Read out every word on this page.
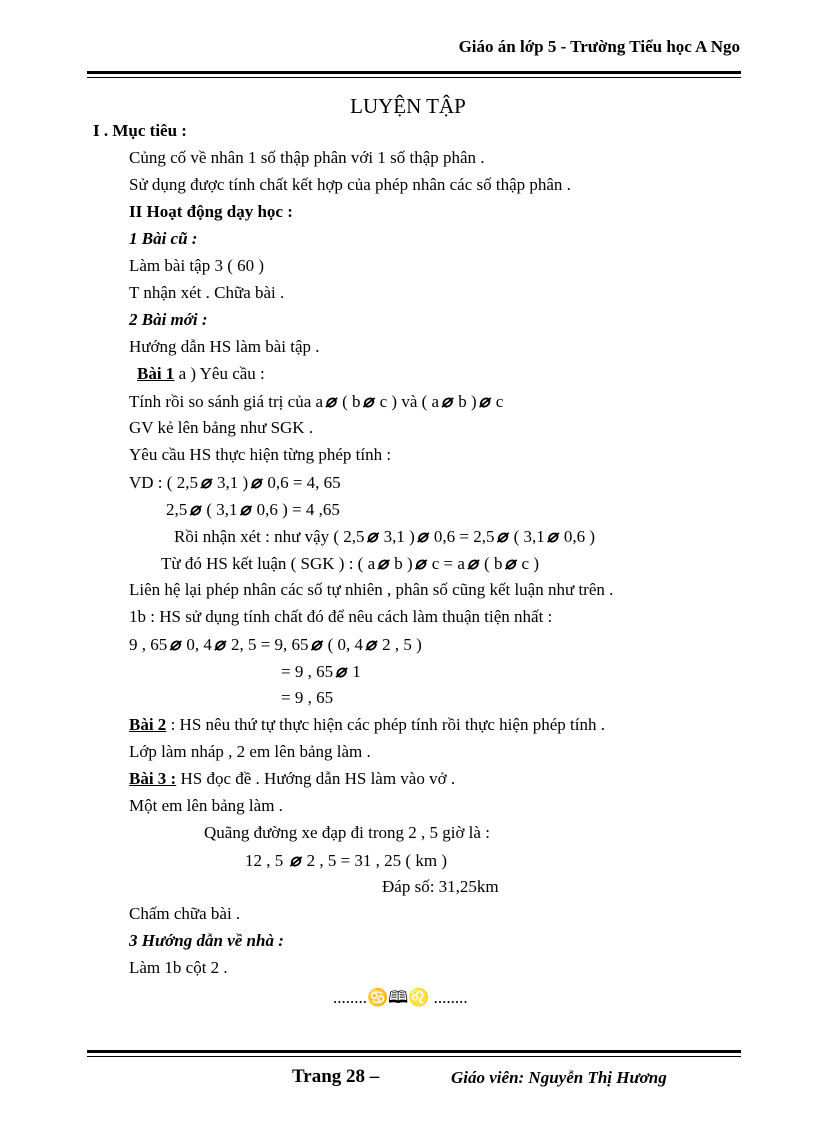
Giáo án lớp 5 - Trường Tiểu học A Ngo
LUYỆN TẬP
I . Mục tiêu :
Củng cố về nhân 1 số thập phân với 1 số thập phân .
Sử dụng được tính chất kết hợp của phép nhân các số thập phân .
II Hoạt động dạy học :
1 Bài cũ :
Làm bài tập 3 ( 60 )
T nhận xét . Chữa bài .
2 Bài mới :
Hướng dẫn HS làm bài tập .
Bài 1 a ) Yêu cầu :
Tính rồi so sánh giá trị của a ⌀ ( b ⌀ c ) và ( a ⌀ b ) ⌀ c
GV kẻ lên bảng như SGK .
Yêu cầu HS thực hiện từng phép tính :
VD : ( 2,5 ⌀ 3,1 ) ⌀ 0,6 = 4, 65
2,5 ⌀ ( 3,1 ⌀ 0,6 ) = 4 ,65
Rồi nhận xét : như vậy ( 2,5 ⌀ 3,1 ) ⌀ 0,6 = 2,5 ⌀ ( 3,1 ⌀ 0,6 )
Từ đó HS kết luận ( SGK ) : ( a ⌀ b ) ⌀ c = a ⌀ ( b ⌀ c )
Liên hệ lại phép nhân các số tự nhiên , phân số cũng kết luận như trên .
1b : HS sử dụng tính chất đó để nêu cách làm thuận tiện nhất :
9 , 65 ⌀ 0, 4 ⌀ 2, 5 = 9, 65 ⌀ ( 0, 4 ⌀ 2 , 5 )
= 9 , 65 ⌀ 1
= 9 , 65
Bài 2 : HS nêu thứ tự thực hiện các phép tính rồi thực hiện phép tính .
Lớp làm nháp , 2 em lên bảng làm .
Bài 3 : HS đọc đề . Hướng dẫn HS làm vào vở .
Một em lên bảng làm .
Quãng đường xe đạp đi trong 2 , 5 giờ là :
12 , 5 ⌀ 2 , 5 = 31 , 25 ( km )
Đáp số: 31,25km
Chấm chữa bài .
3 Hướng dẫn về nhà :
Làm 1b cột 2 .
........♋🕮♌ ........
Trang 28 –	Giáo viên: Nguyễn Thị Hương
